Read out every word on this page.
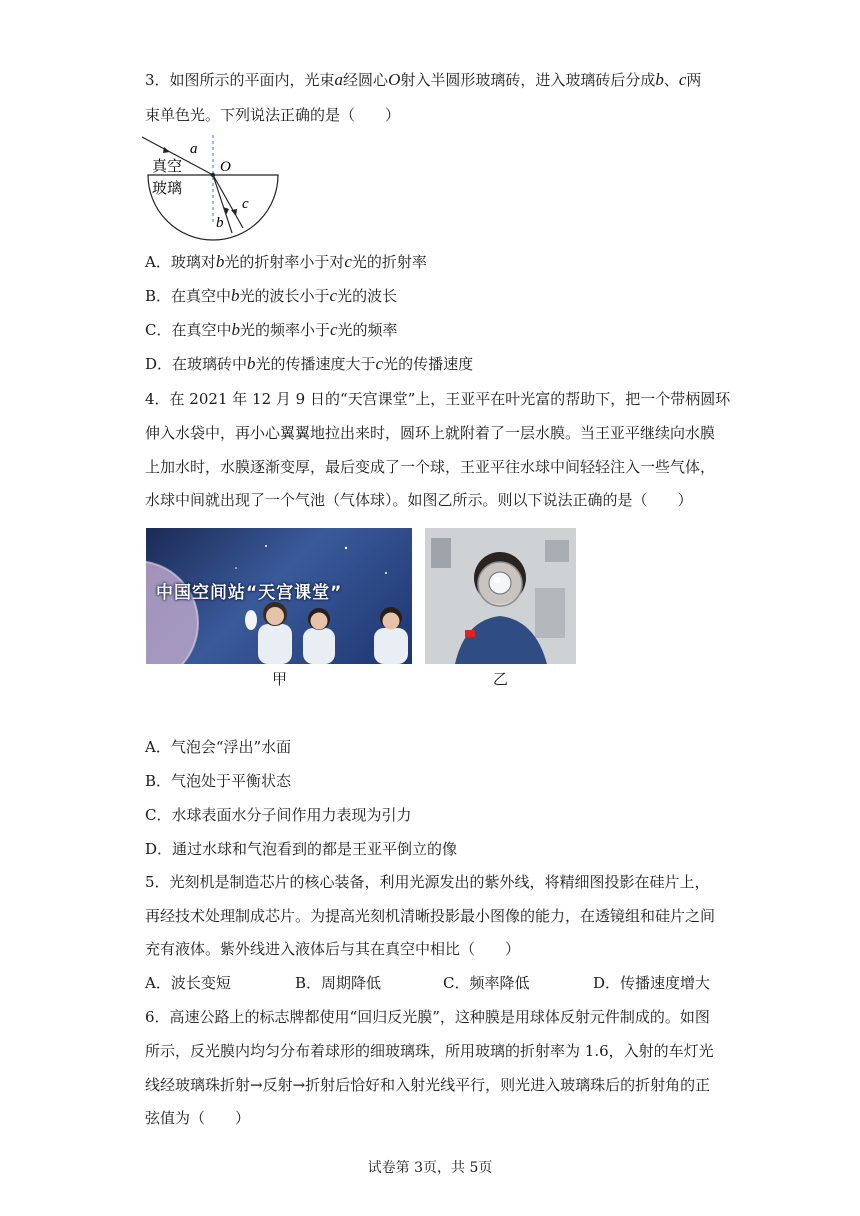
3．如图所示的平面内，光束a经圆心O射入半圆形玻璃砖，进入玻璃砖后分成b、c两
束单色光。下列说法正确的是（　　）
a
O
真空
玻璃
c
b
A．玻璃对b光的折射率小于对c光的折射率
B．在真空中b光的波长小于c光的波长
C．在真空中b光的频率小于c光的频率
D．在玻璃砖中b光的传播速度大于c光的传播速度
4．在 2021 年 12 月 9 日的“天宫课堂”上，王亚平在叶光富的帮助下，把一个带柄圆环
伸入水袋中，再小心翼翼地拉出来时，圆环上就附着了一层水膜。当王亚平继续向水膜
上加水时，水膜逐渐变厚，最后变成了一个球，王亚平往水球中间轻轻注入一些气体，
水球中间就出现了一个气池（气体球）。如图乙所示。则以下说法正确的是（　　）
中国空间站“天宫课堂”
甲	乙
A．气泡会“浮出”水面
B．气泡处于平衡状态
C．水球表面水分子间作用力表现为引力
D．通过水球和气泡看到的都是王亚平倒立的像
5．光刻机是制造芯片的核心装备，利用光源发出的紫外线，将精细图投影在硅片上，
再经技术处理制成芯片。为提高光刻机清晰投影最小图像的能力，在透镜组和硅片之间
充有液体。紫外线进入液体后与其在真空中相比（　　）
A．波长变短	B．周期降低	C．频率降低	D．传播速度增大
6．高速公路上的标志牌都使用“回归反光膜”，这种膜是用球体反射元件制成的。如图
所示，反光膜内均匀分布着球形的细玻璃珠，所用玻璃的折射率为 1.6，入射的车灯光
线经玻璃珠折射→反射→折射后恰好和入射光线平行，则光进入玻璃珠后的折射角的正
弦值为（　　）
试卷第 3页，共 5页
